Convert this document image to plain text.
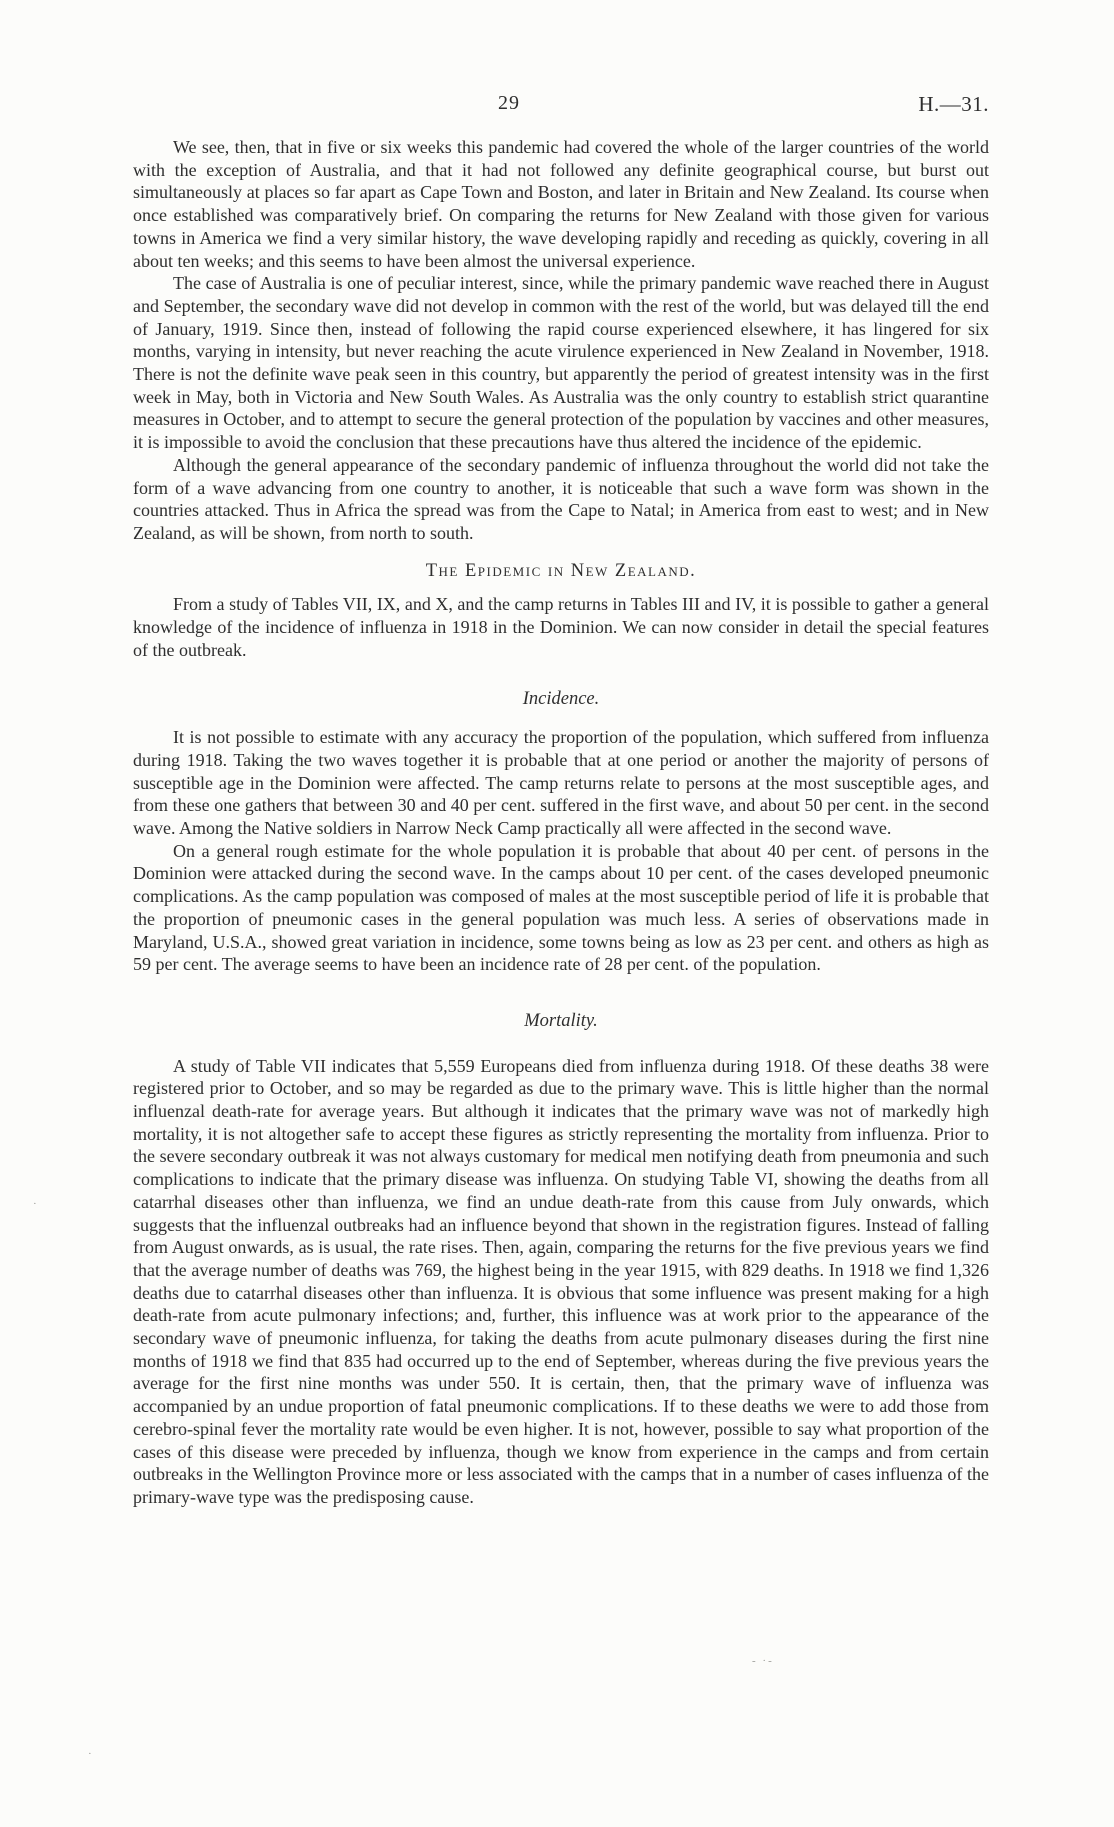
29	H.—31.

We see, then, that in five or six weeks this pandemic had covered the whole of the larger countries of the world with the exception of Australia, and that it had not followed any definite geographical course, but burst out simultaneously at places so far apart as Cape Town and Boston, and later in Britain and New Zealand. Its course when once established was comparatively brief. On comparing the returns for New Zealand with those given for various towns in America we find a very similar history, the wave developing rapidly and receding as quickly, covering in all about ten weeks; and this seems to have been almost the universal experience.

The case of Australia is one of peculiar interest, since, while the primary pandemic wave reached there in August and September, the secondary wave did not develop in common with the rest of the world, but was delayed till the end of January, 1919. Since then, instead of following the rapid course experienced elsewhere, it has lingered for six months, varying in intensity, but never reaching the acute virulence experienced in New Zealand in November, 1918. There is not the definite wave peak seen in this country, but apparently the period of greatest intensity was in the first week in May, both in Victoria and New South Wales. As Australia was the only country to establish strict quarantine measures in October, and to attempt to secure the general protection of the population by vaccines and other measures, it is impossible to avoid the conclusion that these precautions have thus altered the incidence of the epidemic.

Although the general appearance of the secondary pandemic of influenza throughout the world did not take the form of a wave advancing from one country to another, it is noticeable that such a wave form was shown in the countries attacked. Thus in Africa the spread was from the Cape to Natal; in America from east to west; and in New Zealand, as will be shown, from north to south.

The Epidemic in New Zealand.

From a study of Tables VII, IX, and X, and the camp returns in Tables III and IV, it is possible to gather a general knowledge of the incidence of influenza in 1918 in the Dominion. We can now consider in detail the special features of the outbreak.

Incidence.

It is not possible to estimate with any accuracy the proportion of the population, which suffered from influenza during 1918. Taking the two waves together it is probable that at one period or another the majority of persons of susceptible age in the Dominion were affected. The camp returns relate to persons at the most susceptible ages, and from these one gathers that between 30 and 40 per cent. suffered in the first wave, and about 50 per cent. in the second wave. Among the Native soldiers in Narrow Neck Camp practically all were affected in the second wave.

On a general rough estimate for the whole population it is probable that about 40 per cent. of persons in the Dominion were attacked during the second wave. In the camps about 10 per cent. of the cases developed pneumonic complications. As the camp population was composed of males at the most susceptible period of life it is probable that the proportion of pneumonic cases in the general population was much less. A series of observations made in Maryland, U.S.A., showed great variation in incidence, some towns being as low as 23 per cent. and others as high as 59 per cent. The average seems to have been an incidence rate of 28 per cent. of the population.

Mortality.

A study of Table VII indicates that 5,559 Europeans died from influenza during 1918. Of these deaths 38 were registered prior to October, and so may be regarded as due to the primary wave. This is little higher than the normal influenzal death-rate for average years. But although it indicates that the primary wave was not of markedly high mortality, it is not altogether safe to accept these figures as strictly representing the mortality from influenza. Prior to the severe secondary outbreak it was not always customary for medical men notifying death from pneumonia and such complications to indicate that the primary disease was influenza. On studying Table VI, showing the deaths from all catarrhal diseases other than influenza, we find an undue death-rate from this cause from July onwards, which suggests that the influenzal outbreaks had an influence beyond that shown in the registration figures. Instead of falling from August onwards, as is usual, the rate rises. Then, again, comparing the returns for the five previous years we find that the average number of deaths was 769, the highest being in the year 1915, with 829 deaths. In 1918 we find 1,326 deaths due to catarrhal diseases other than influenza. It is obvious that some influence was present making for a high death-rate from acute pulmonary infections; and, further, this influence was at work prior to the appearance of the secondary wave of pneumonic influenza, for taking the deaths from acute pulmonary diseases during the first nine months of 1918 we find that 835 had occurred up to the end of September, whereas during the five previous years the average for the first nine months was under 550. It is certain, then, that the primary wave of influenza was accompanied by an undue proportion of fatal pneumonic complications. If to these deaths we were to add those from cerebro-spinal fever the mortality rate would be even higher. It is not, however, possible to say what proportion of the cases of this disease were preceded by influenza, though we know from experience in the camps and from certain outbreaks in the Wellington Province more or less associated with the camps that in a number of cases influenza of the primary-wave type was the predisposing cause.

- ·-
·
·
